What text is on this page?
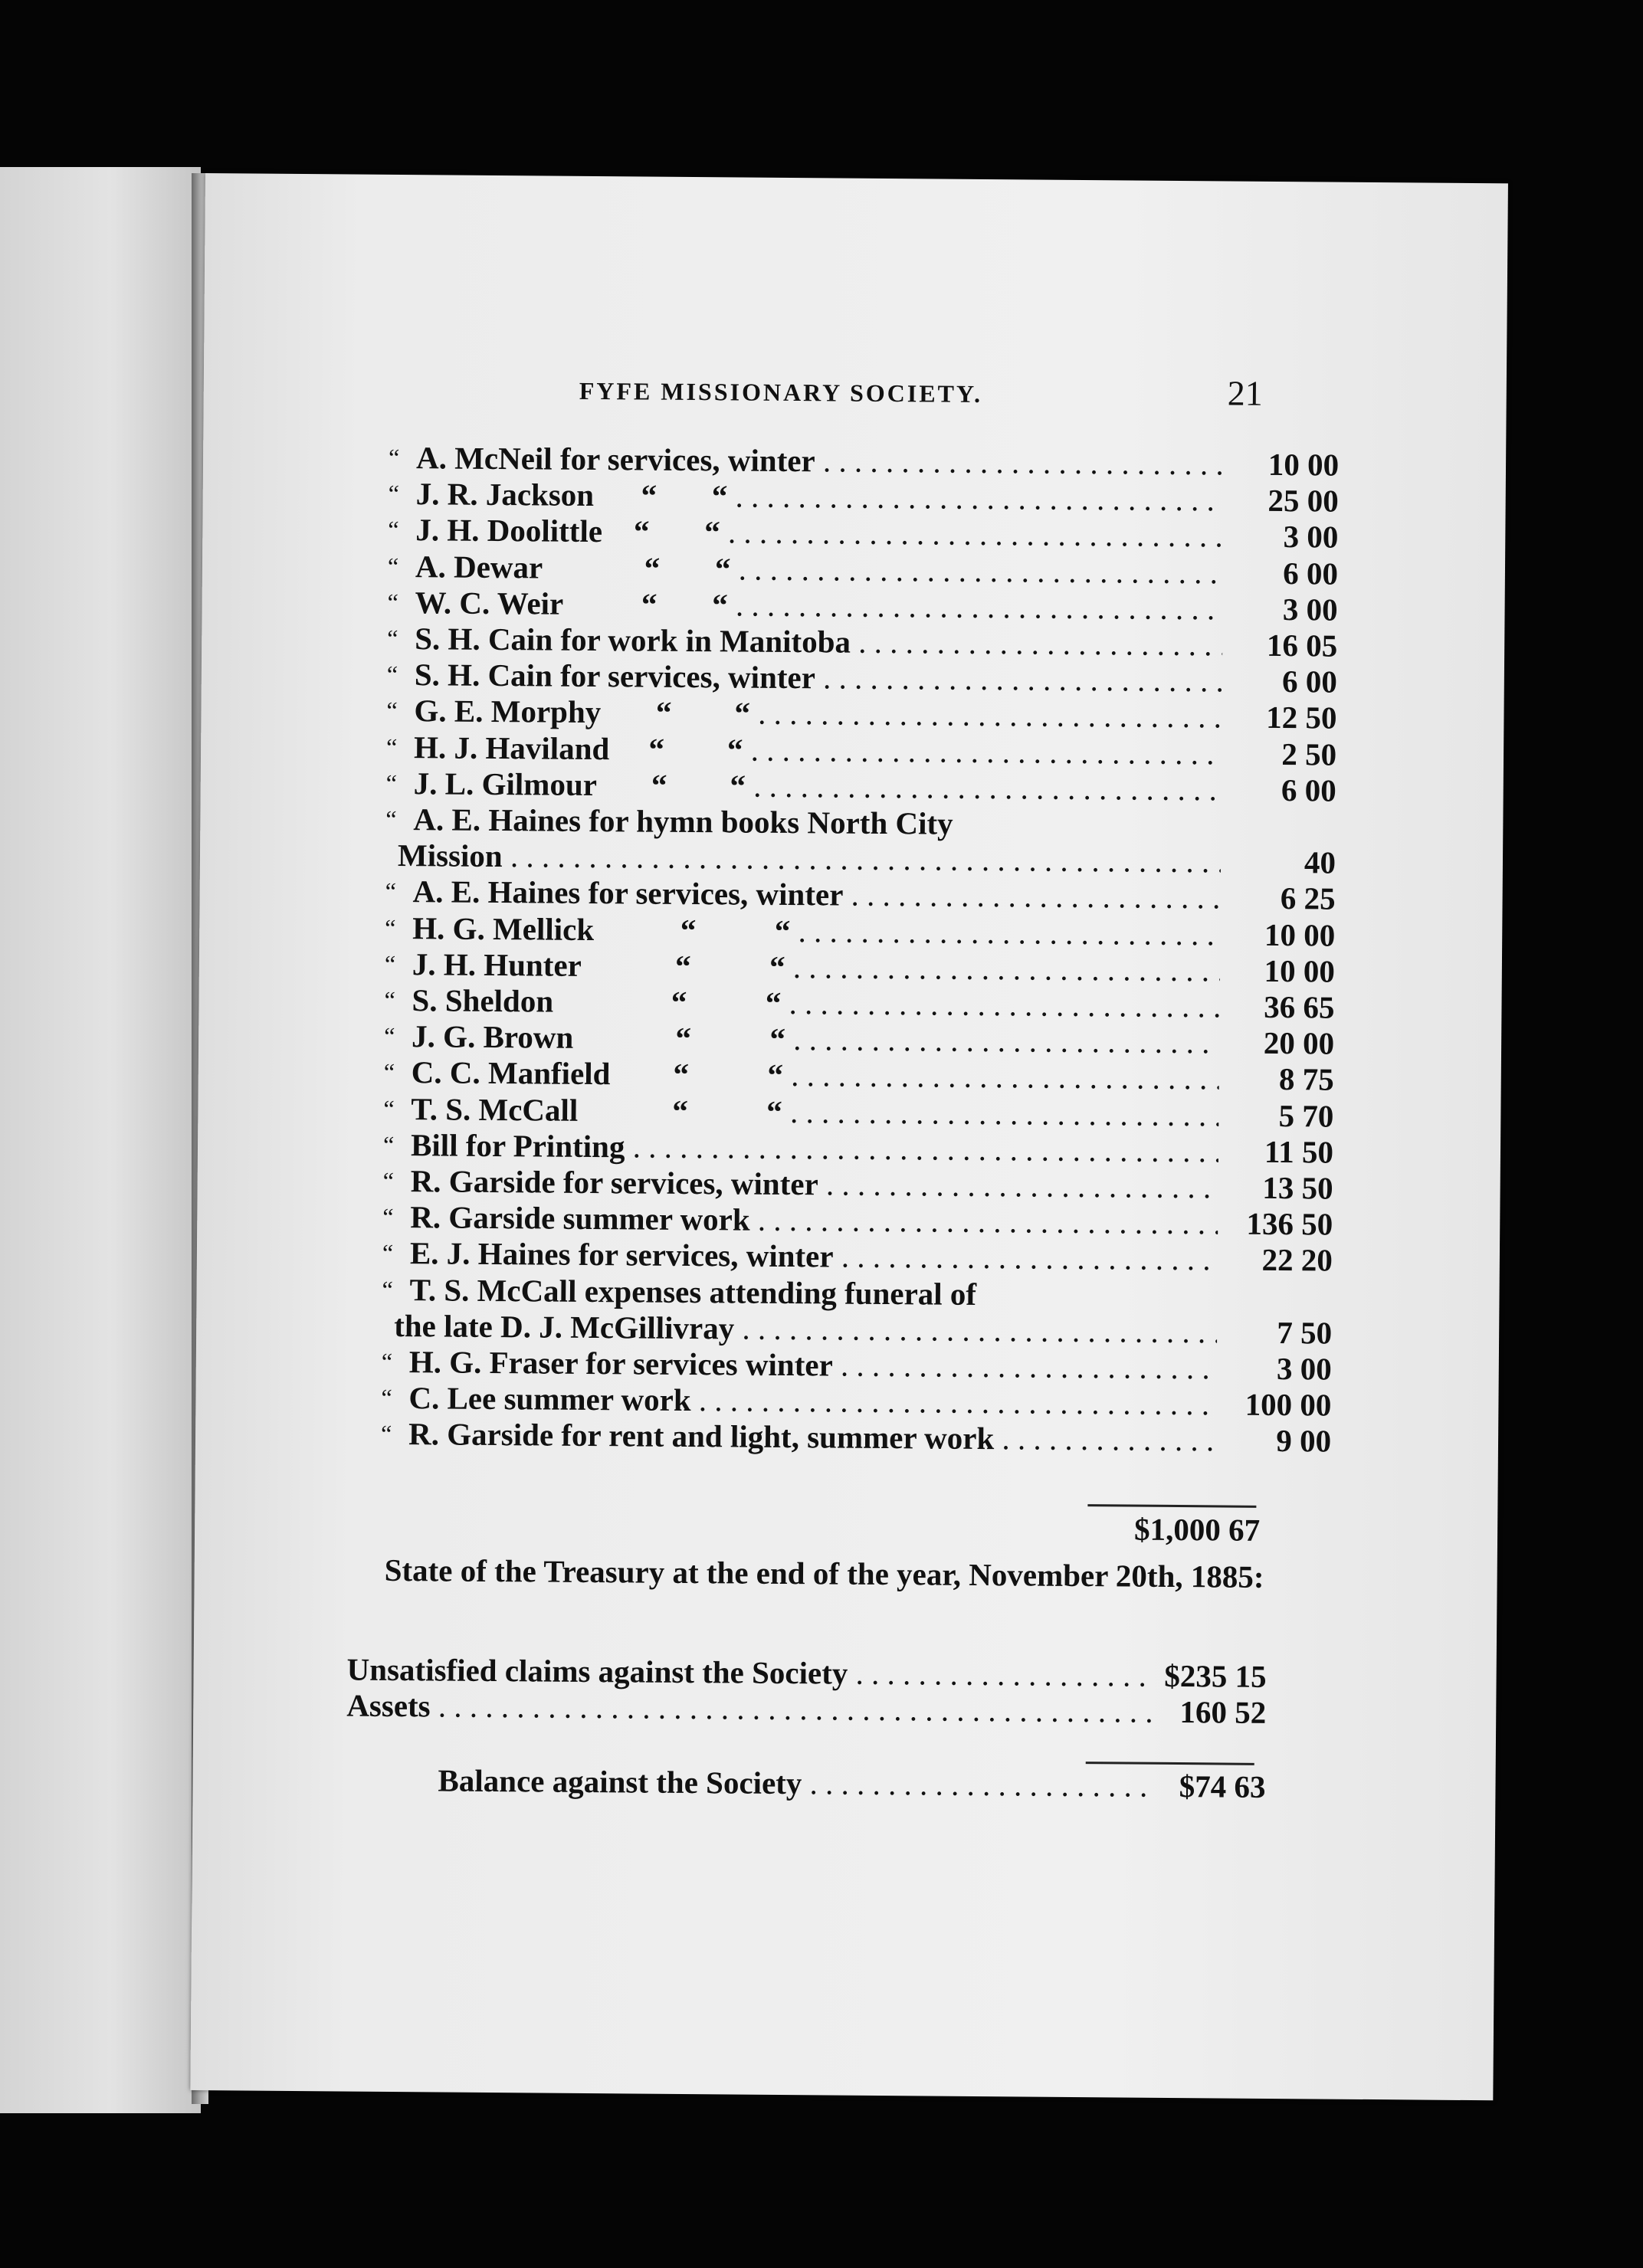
FYFE MISSIONARY SOCIETY.	21
“ A. McNeil for services, winter . . .	10 00
“ J. R. Jackson      “       “ . . .	25 00
“ J. H. Doolittle    “       “ . . .	3 00
“ A. Dewar             “       “ . . .	6 00
“ W. C. Weir          “       “ . . .	3 00
“ S. H. Cain for work in Manitoba . . .	16 05
“ S. H. Cain for services, winter . . .	6 00
“ G. E. Morphy       “        “ . . .	12 50
“ H. J. Haviland     “        “ . . .	2 50
“ J. L. Gilmour       “        “ . . .	6 00
“ A. E. Haines for hymn books North City
Mission . . .	40
“ A. E. Haines for services, winter . . .	6 25
“ H. G. Mellick           “          “ . . .	10 00
“ J. H. Hunter            “          “ . . .	10 00
“ S. Sheldon               “          “ . . .	36 65
“ J. G. Brown             “          “ . . .	20 00
“ C. C. Manfield        “          “ . . .	8 75
“ T. S. McCall            “          “ . . .	5 70
“ Bill for Printing . . .	11 50
“ R. Garside for services, winter . . .	13 50
“ R. Garside summer work . . .	136 50
“ E. J. Haines for services, winter . . .	22 20
“ T. S. McCall expenses attending funeral of
the late D. J. McGillivray . . .	7 50
“ H. G. Fraser for services winter . . .	3 00
“ C. Lee summer work . . .	100 00
“ R. Garside for rent and light, summer work . . .	9 00
$1,000 67
State of the Treasury at the end of the year, November 20th, 1885:
Unsatisfied claims against the Society . . .	$235 15
Assets . . .	160 52
Balance against the Society . . .	$74 63
